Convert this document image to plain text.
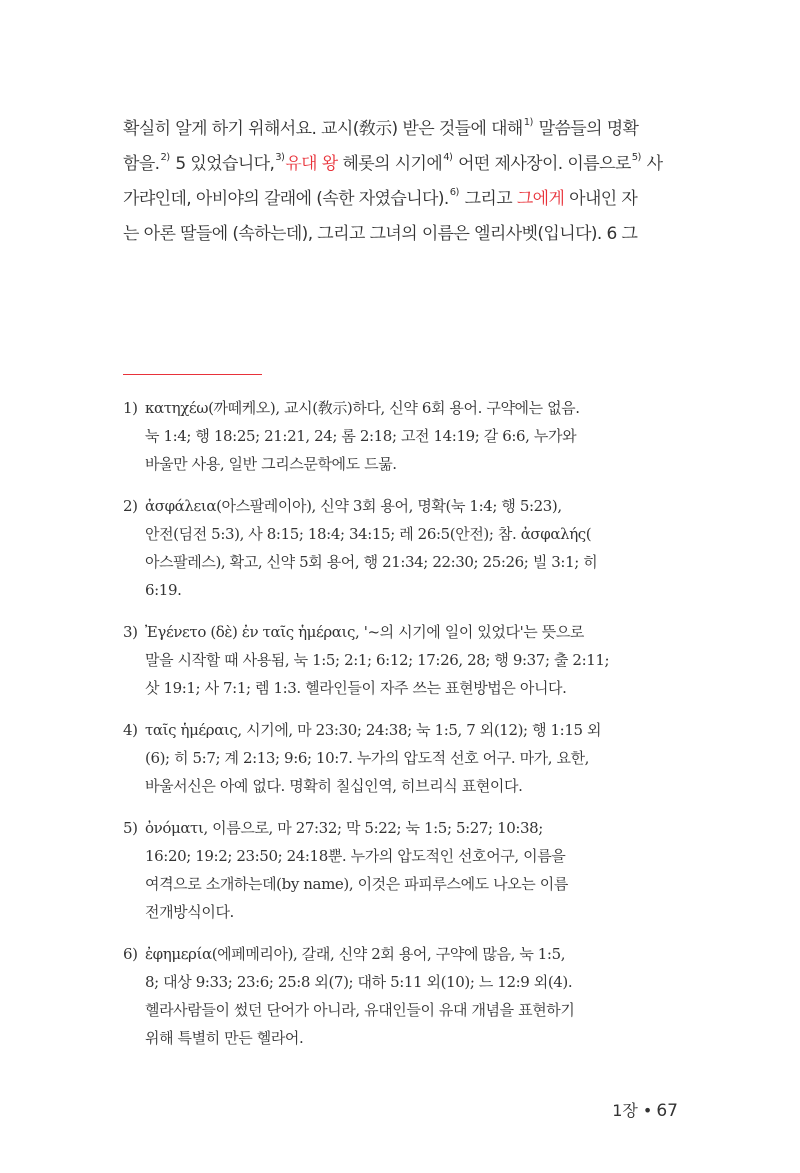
확실히 알게 하기 위해서요. 교시(敎示) 받은 것들에 대해$^{1)}$ 말씀들의 명확
함을.$^{2)}$ 5 있었습니다,$^{3)}$유대 왕 헤롯의 시기에$^{4)}$ 어떤 제사장이. 이름으로$^{5)}$ 사
가랴인데, 아비야의 갈래에 (속한 자였습니다).$^{6)}$ 그리고 그에게 아내인 자
는 아론 딸들에 (속하는데), 그리고 그녀의 이름은 엘리사벳(입니다). 6 그
1) κατηχέω(까떼케오), 교시(敎示)하다, 신약 6회 용어. 구약에는 없음.
눅 1:4; 행 18:25; 21:21, 24; 롬 2:18; 고전 14:19; 갈 6:6, 누가와
바울만 사용, 일반 그리스문학에도 드묾.
2) ἀσφάλεια(아스팔레이아), 신약 3회 용어, 명확(눅 1:4; 행 5:23),
안전(딤전 5:3), 사 8:15; 18:4; 34:15; 레 26:5(안전); 참. ἀσφαλής(
아스팔레스), 확고, 신약 5회 용어, 행 21:34; 22:30; 25:26; 빌 3:1; 히
6:19.
3) Ἐγένετο (δὲ) ἐν ταῖς ἡμέραις, '~의 시기에 일이 있었다'는 뜻으로
말을 시작할 때 사용됨, 눅 1:5; 2:1; 6:12; 17:26, 28; 행 9:37; 출 2:11;
삿 19:1; 사 7:1; 렘 1:3. 헬라인들이 자주 쓰는 표현방법은 아니다.
4) ταῖς ἡμέραις, 시기에, 마 23:30; 24:38; 눅 1:5, 7 외(12); 행 1:15 외
(6); 히 5:7; 계 2:13; 9:6; 10:7. 누가의 압도적 선호 어구. 마가, 요한,
바울서신은 아예 없다. 명확히 칠십인역, 히브리식 표현이다.
5) ὀνόματι, 이름으로, 마 27:32; 막 5:22; 눅 1:5; 5:27; 10:38;
16:20; 19:2; 23:50; 24:18뿐. 누가의 압도적인 선호어구, 이름을
여격으로 소개하는데(by name), 이것은 파피루스에도 나오는 이름
전개방식이다.
6) ἐφημερία(에페메리아), 갈래, 신약 2회 용어, 구약에 많음, 눅 1:5,
8; 대상 9:33; 23:6; 25:8 외(7); 대하 5:11 외(10); 느 12:9 외(4).
헬라사람들이 썼던 단어가 아니라, 유대인들이 유대 개념을 표현하기
위해 특별히 만든 헬라어.
1장 • 67
